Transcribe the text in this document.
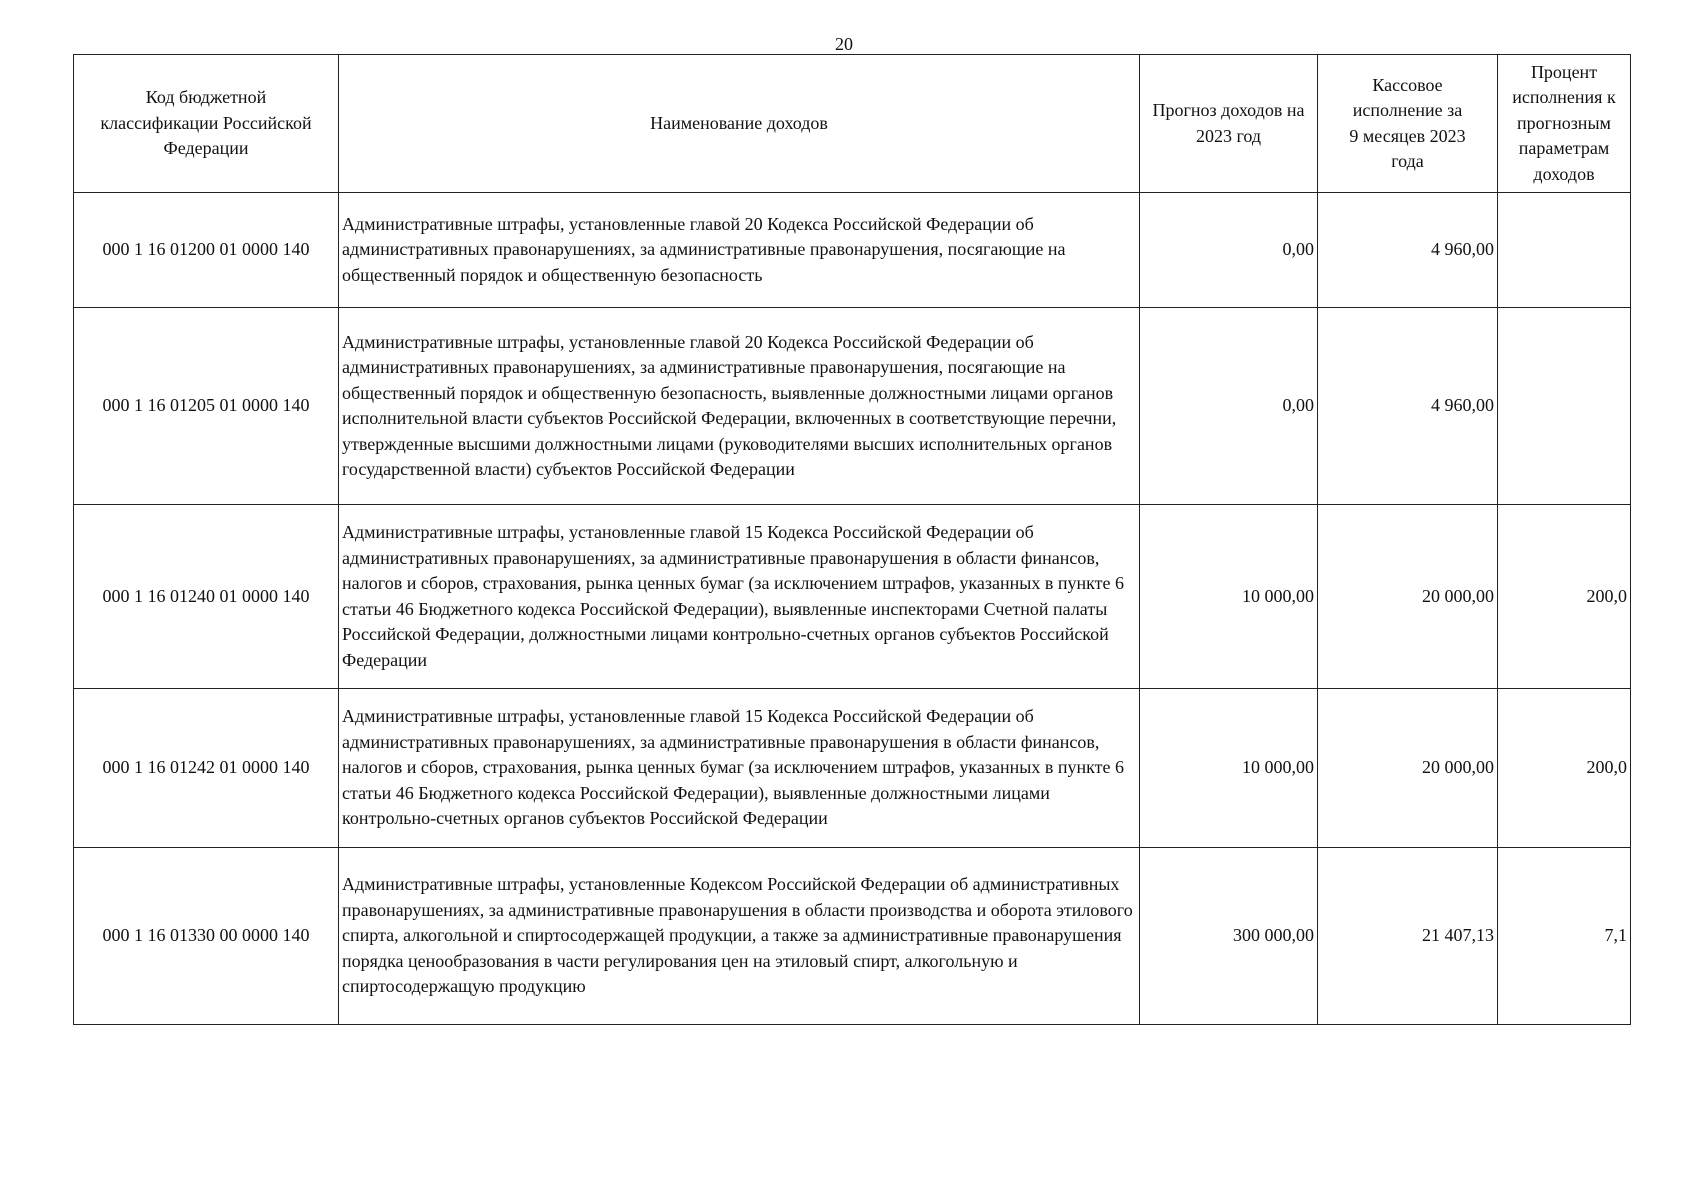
20
Код бюджетной классификации Российской Федерации	Наименование доходов	Прогноз доходов на 2023 год	Кассовое исполнение за 9 месяцев 2023 года	Процент исполнения к прогнозным параметрам доходов
000 1 16 01200 01 0000 140	Административные штрафы, установленные главой 20 Кодекса Российской Федерации об административных правонарушениях, за административные правонарушения, посягающие на общественный порядок и общественную безопасность	0,00	4 960,00	
000 1 16 01205 01 0000 140	Административные штрафы, установленные главой 20 Кодекса Российской Федерации об административных правонарушениях, за административные правонарушения, посягающие на общественный порядок и общественную безопасность, выявленные должностными лицами органов исполнительной власти субъектов Российской Федерации, включенных в соответствующие перечни, утвержденные высшими должностными лицами (руководителями высших исполнительных органов государственной власти) субъектов Российской Федерации	0,00	4 960,00	
000 1 16 01240 01 0000 140	Административные штрафы, установленные главой 15 Кодекса Российской Федерации об административных правонарушениях, за административные правонарушения в области финансов, налогов и сборов, страхования, рынка ценных бумаг (за исключением штрафов, указанных в пункте 6 статьи 46 Бюджетного кодекса Российской Федерации), выявленные инспекторами Счетной палаты Российской Федерации, должностными лицами контрольно-счетных органов субъектов Российской Федерации	10 000,00	20 000,00	200,0
000 1 16 01242 01 0000 140	Административные штрафы, установленные главой 15 Кодекса Российской Федерации об административных правонарушениях, за административные правонарушения в области финансов, налогов и сборов, страхования, рынка ценных бумаг (за исключением штрафов, указанных в пункте 6 статьи 46 Бюджетного кодекса Российской Федерации), выявленные должностными лицами контрольно-счетных органов субъектов Российской Федерации	10 000,00	20 000,00	200,0
000 1 16 01330 00 0000 140	Административные штрафы, установленные Кодексом Российской Федерации об административных правонарушениях, за административные правонарушения в области производства и оборота этилового спирта, алкогольной и спиртосодержащей продукции, а также за административные правонарушения порядка ценообразования в части регулирования цен на этиловый спирт, алкогольную и спиртосодержащую продукцию	300 000,00	21 407,13	7,1
